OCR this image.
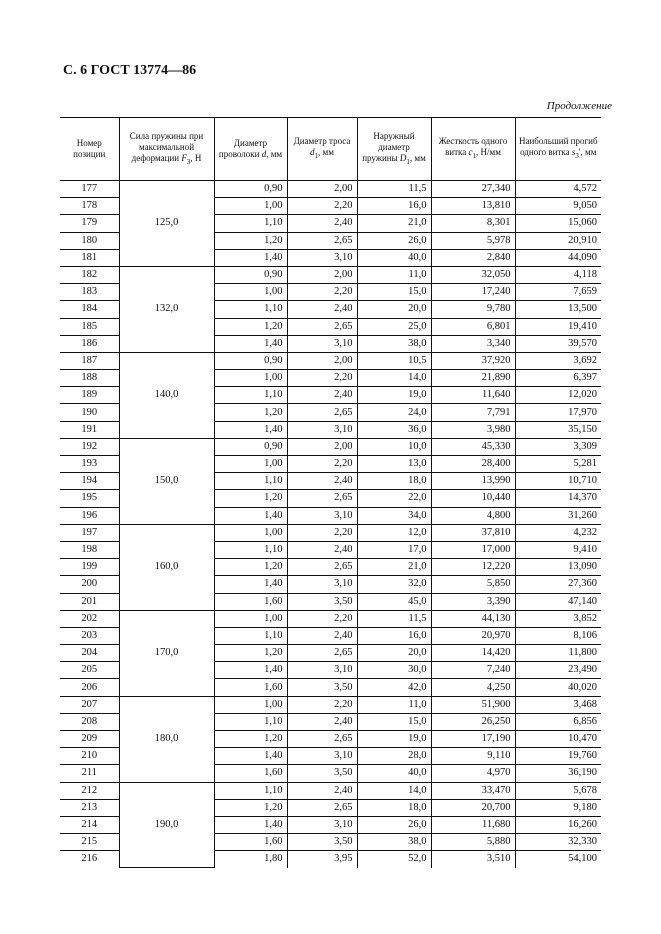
С. 6 ГОСТ 13774—86
Продолжение
Номер позиции	Сила пружины при максимальной деформации $F_3$, Н	Диаметр проволоки d, мм	Диаметр троса $d_1$, мм	Наружный диаметр пружины $D_1$, мм	Жесткость одного витка $c_1$, Н/мм	Наибольший прогиб одного витка $s_3'$, мм
177	125,0	0,90	2,00	11,5	27,340	4,572
178		1,00	2,20	16,0	13,810	9,050
179		1,10	2,40	21,0	8,301	15,060
180		1,20	2,65	26,0	5,978	20,910
181		1,40	3,10	40,0	2,840	44,090
182	132,0	0,90	2,00	11,0	32,050	4,118
183		1,00	2,20	15,0	17,240	7,659
184		1,10	2,40	20,0	9,780	13,500
185		1,20	2,65	25,0	6,801	19,410
186		1,40	3,10	38,0	3,340	39,570
187	140,0	0,90	2,00	10,5	37,920	3,692
188		1,00	2,20	14,0	21,890	6,397
189		1,10	2,40	19,0	11,640	12,020
190		1,20	2,65	24,0	7,791	17,970
191		1,40	3,10	36,0	3,980	35,150
192	150,0	0,90	2,00	10,0	45,330	3,309
193		1,00	2,20	13,0	28,400	5,281
194		1,10	2,40	18,0	13,990	10,710
195		1,20	2,65	22,0	10,440	14,370
196		1,40	3,10	34,0	4,800	31,260
197	160,0	1,00	2,20	12,0	37,810	4,232
198		1,10	2,40	17,0	17,000	9,410
199		1,20	2,65	21,0	12,220	13,090
200		1,40	3,10	32,0	5,850	27,360
201		1,60	3,50	45,0	3,390	47,140
202	170,0	1,00	2,20	11,5	44,130	3,852
203		1,10	2,40	16,0	20,970	8,106
204		1,20	2,65	20,0	14,420	11,800
205		1,40	3,10	30,0	7,240	23,490
206		1,60	3,50	42,0	4,250	40,020
207	180,0	1,00	2,20	11,0	51,900	3,468
208		1,10	2,40	15,0	26,250	6,856
209		1,20	2,65	19,0	17,190	10,470
210		1,40	3,10	28,0	9,110	19,760
211		1,60	3,50	40,0	4,970	36,190
212	190,0	1,10	2,40	14,0	33,470	5,678
213		1,20	2,65	18,0	20,700	9,180
214		1,40	3,10	26,0	11,680	16,260
215		1,60	3,50	38,0	5,880	32,330
216		1,80	3,95	52,0	3,510	54,100
